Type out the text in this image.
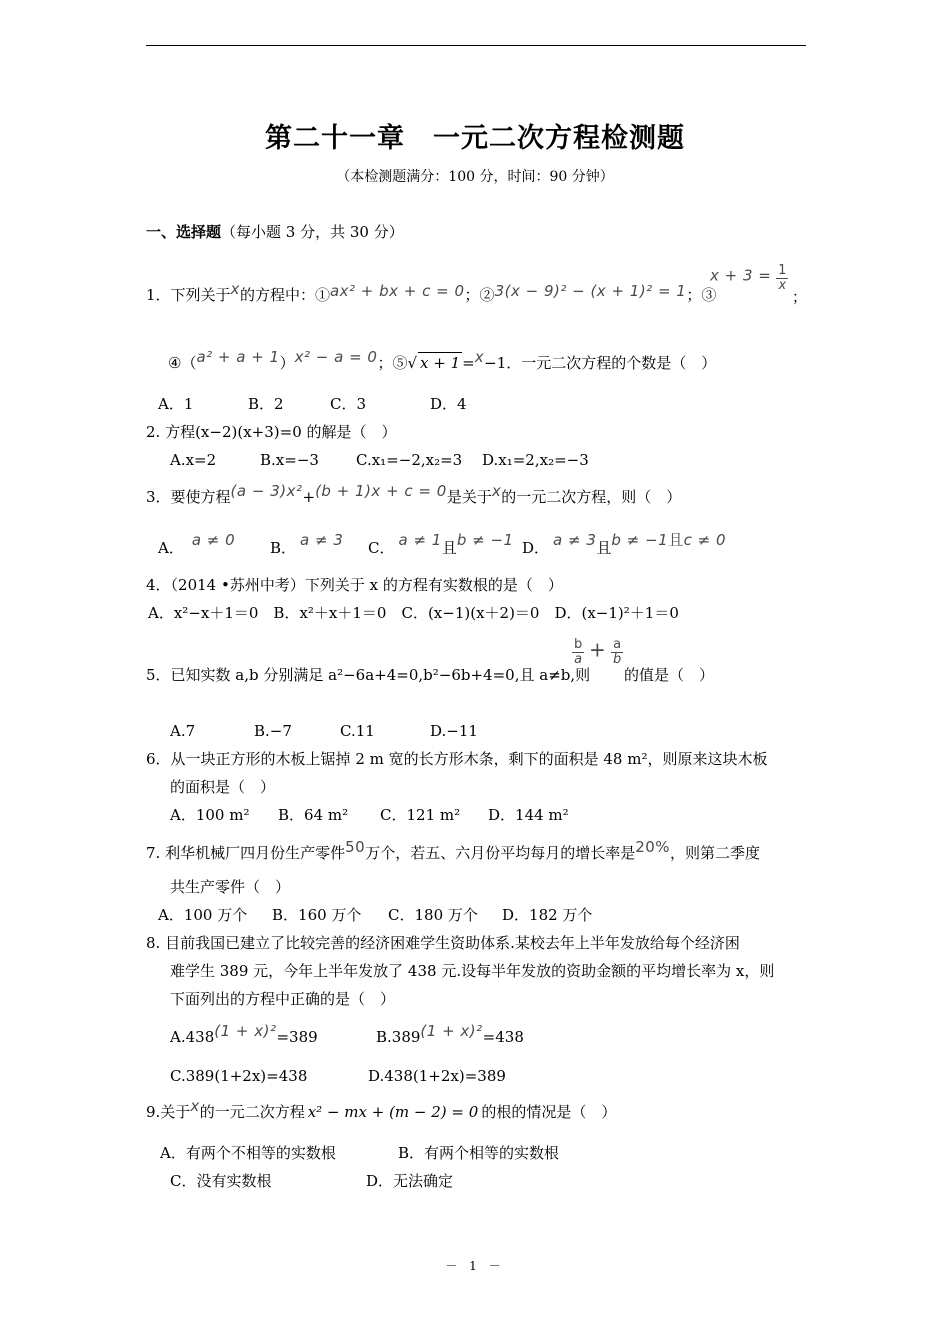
第二十一章　一元二次方程检测题
（本检测题满分：100 分，时间：90 分钟）
一、选择题（每小题 3 分，共 30 分）
1．下列关于x的方程中：①ax² + bx + c = 0；②3(x − 9)² − (x + 1)² = 1；③
$x + 3 = \frac{1}{x}$
；
④（a² + a + 1）x² − a = 0；⑤√ x + 1 =x−1．一元二次方程的个数是（　）
A．1	B．2	C．3	D．4
2. 方程(x−2)(x+3)=0 的解是（　）
A.x=2	B.x=−3 C.x₁=−2,x₂=3 D.x₁=2,x₂=−3
3．要使方程(a − 3)x²+(b + 1)x + c = 0是关于x的一元二次方程，则（　）
A． a ≠ 0 B． a ≠ 3 C． a ≠ 1且b ≠ −1 D． a ≠ 3且b ≠ −1且c ≠ 0
4．（2014 •苏州中考）下列关于 x 的方程有实数根的是（　）
A．x²−x＋1＝0　B．x²＋x＋1＝0　C．(x−1)(x＋2)＝0　D．(x−1)²＋1＝0
5．已知实数 a,b 分别满足 a²−6a+4=0,b²−6b+4=0,且 a≠b,则
$\frac{b}{a} + \frac{a}{b}$
的值是（　）
A.7	B.−7	C.11	D.−11
6．从一块正方形的木板上锯掉 2 m 宽的长方形木条，剩下的面积是 48 m²，则原来这块木板
的面积是（　）
A．100 m² B．64 m² C．121 m² D．144 m²
7. 利华机械厂四月份生产零件50万个，若五、六月份平均每月的增长率是20%，则第二季度
共生产零件（　）
A．100 万个 B．160 万个 C．180 万个 D．182 万个
8. 目前我国已建立了比较完善的经济困难学生资助体系.某校去年上半年发放给每个经济困
难学生 389 元，今年上半年发放了 438 元.设每半年发放的资助金额的平均增长率为 x，则
下面列出的方程中正确的是（　）
A.438(1 + x)²=389	B.389(1 + x)²=438
C.389(1+2x)=438	D.438(1+2x)=389
9.关于x的一元二次方程 x² − mx + (m − 2) = 0 的根的情况是（　）
A．有两个不相等的实数根	B．有两个相等的实数根
C．没有实数根	D．无法确定
－ 1 －
